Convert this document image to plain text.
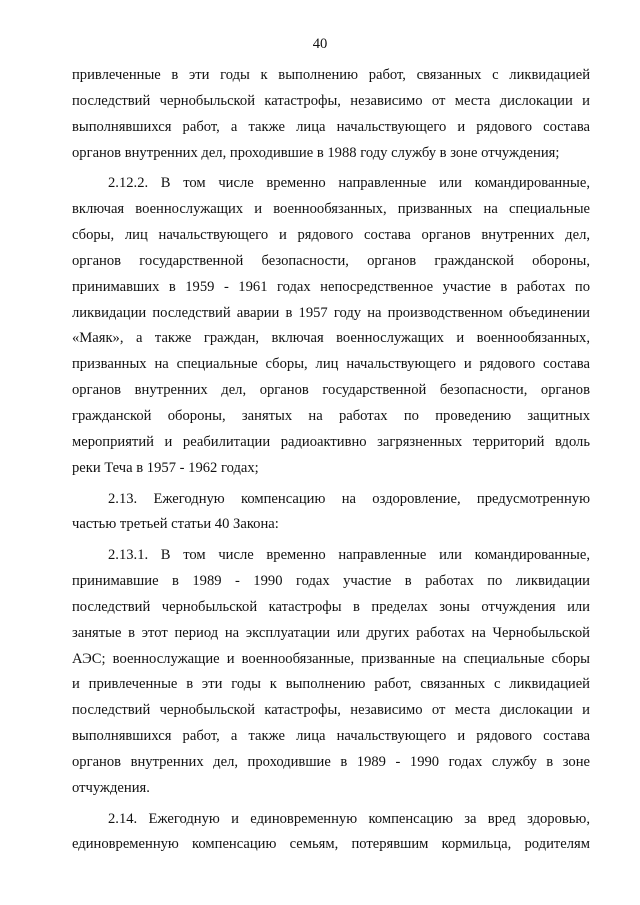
40
привлеченные в эти годы к выполнению работ, связанных с ликвидацией
последствий чернобыльской катастрофы, независимо от места дислокации и
выполнявшихся работ, а также лица начальствующего и рядового состава
органов внутренних дел, проходившие в 1988 году службу в зоне отчуждения;
2.12.2. В том числе временно направленные или командированные,
включая военнослужащих и военнообязанных, призванных на специальные
сборы, лиц начальствующего и рядового состава органов внутренних дел,
органов государственной безопасности, органов гражданской обороны,
принимавших в 1959 - 1961 годах непосредственное участие в работах по
ликвидации последствий аварии в 1957 году на производственном объединении
«Маяк», а также граждан, включая военнослужащих и военнообязанных,
призванных на специальные сборы, лиц начальствующего и рядового состава
органов внутренних дел, органов государственной безопасности, органов
гражданской обороны, занятых на работах по проведению защитных
мероприятий и реабилитации радиоактивно загрязненных территорий вдоль
реки Теча в 1957 - 1962 годах;
2.13. Ежегодную компенсацию на оздоровление, предусмотренную
частью третьей статьи 40 Закона:
2.13.1. В том числе временно направленные или командированные,
принимавшие в 1989 - 1990 годах участие в работах по ликвидации
последствий чернобыльской катастрофы в пределах зоны отчуждения или
занятые в этот период на эксплуатации или других работах на Чернобыльской
АЭС; военнослужащие и военнообязанные, призванные на специальные сборы
и привлеченные в эти годы к выполнению работ, связанных с ликвидацией
последствий чернобыльской катастрофы, независимо от места дислокации и
выполнявшихся работ, а также лица начальствующего и рядового состава
органов внутренних дел, проходившие в 1989 - 1990 годах службу в зоне
отчуждения.
2.14. Ежегодную и единовременную компенсацию за вред здоровью,
единовременную компенсацию семьям, потерявшим кормильца, родителям
